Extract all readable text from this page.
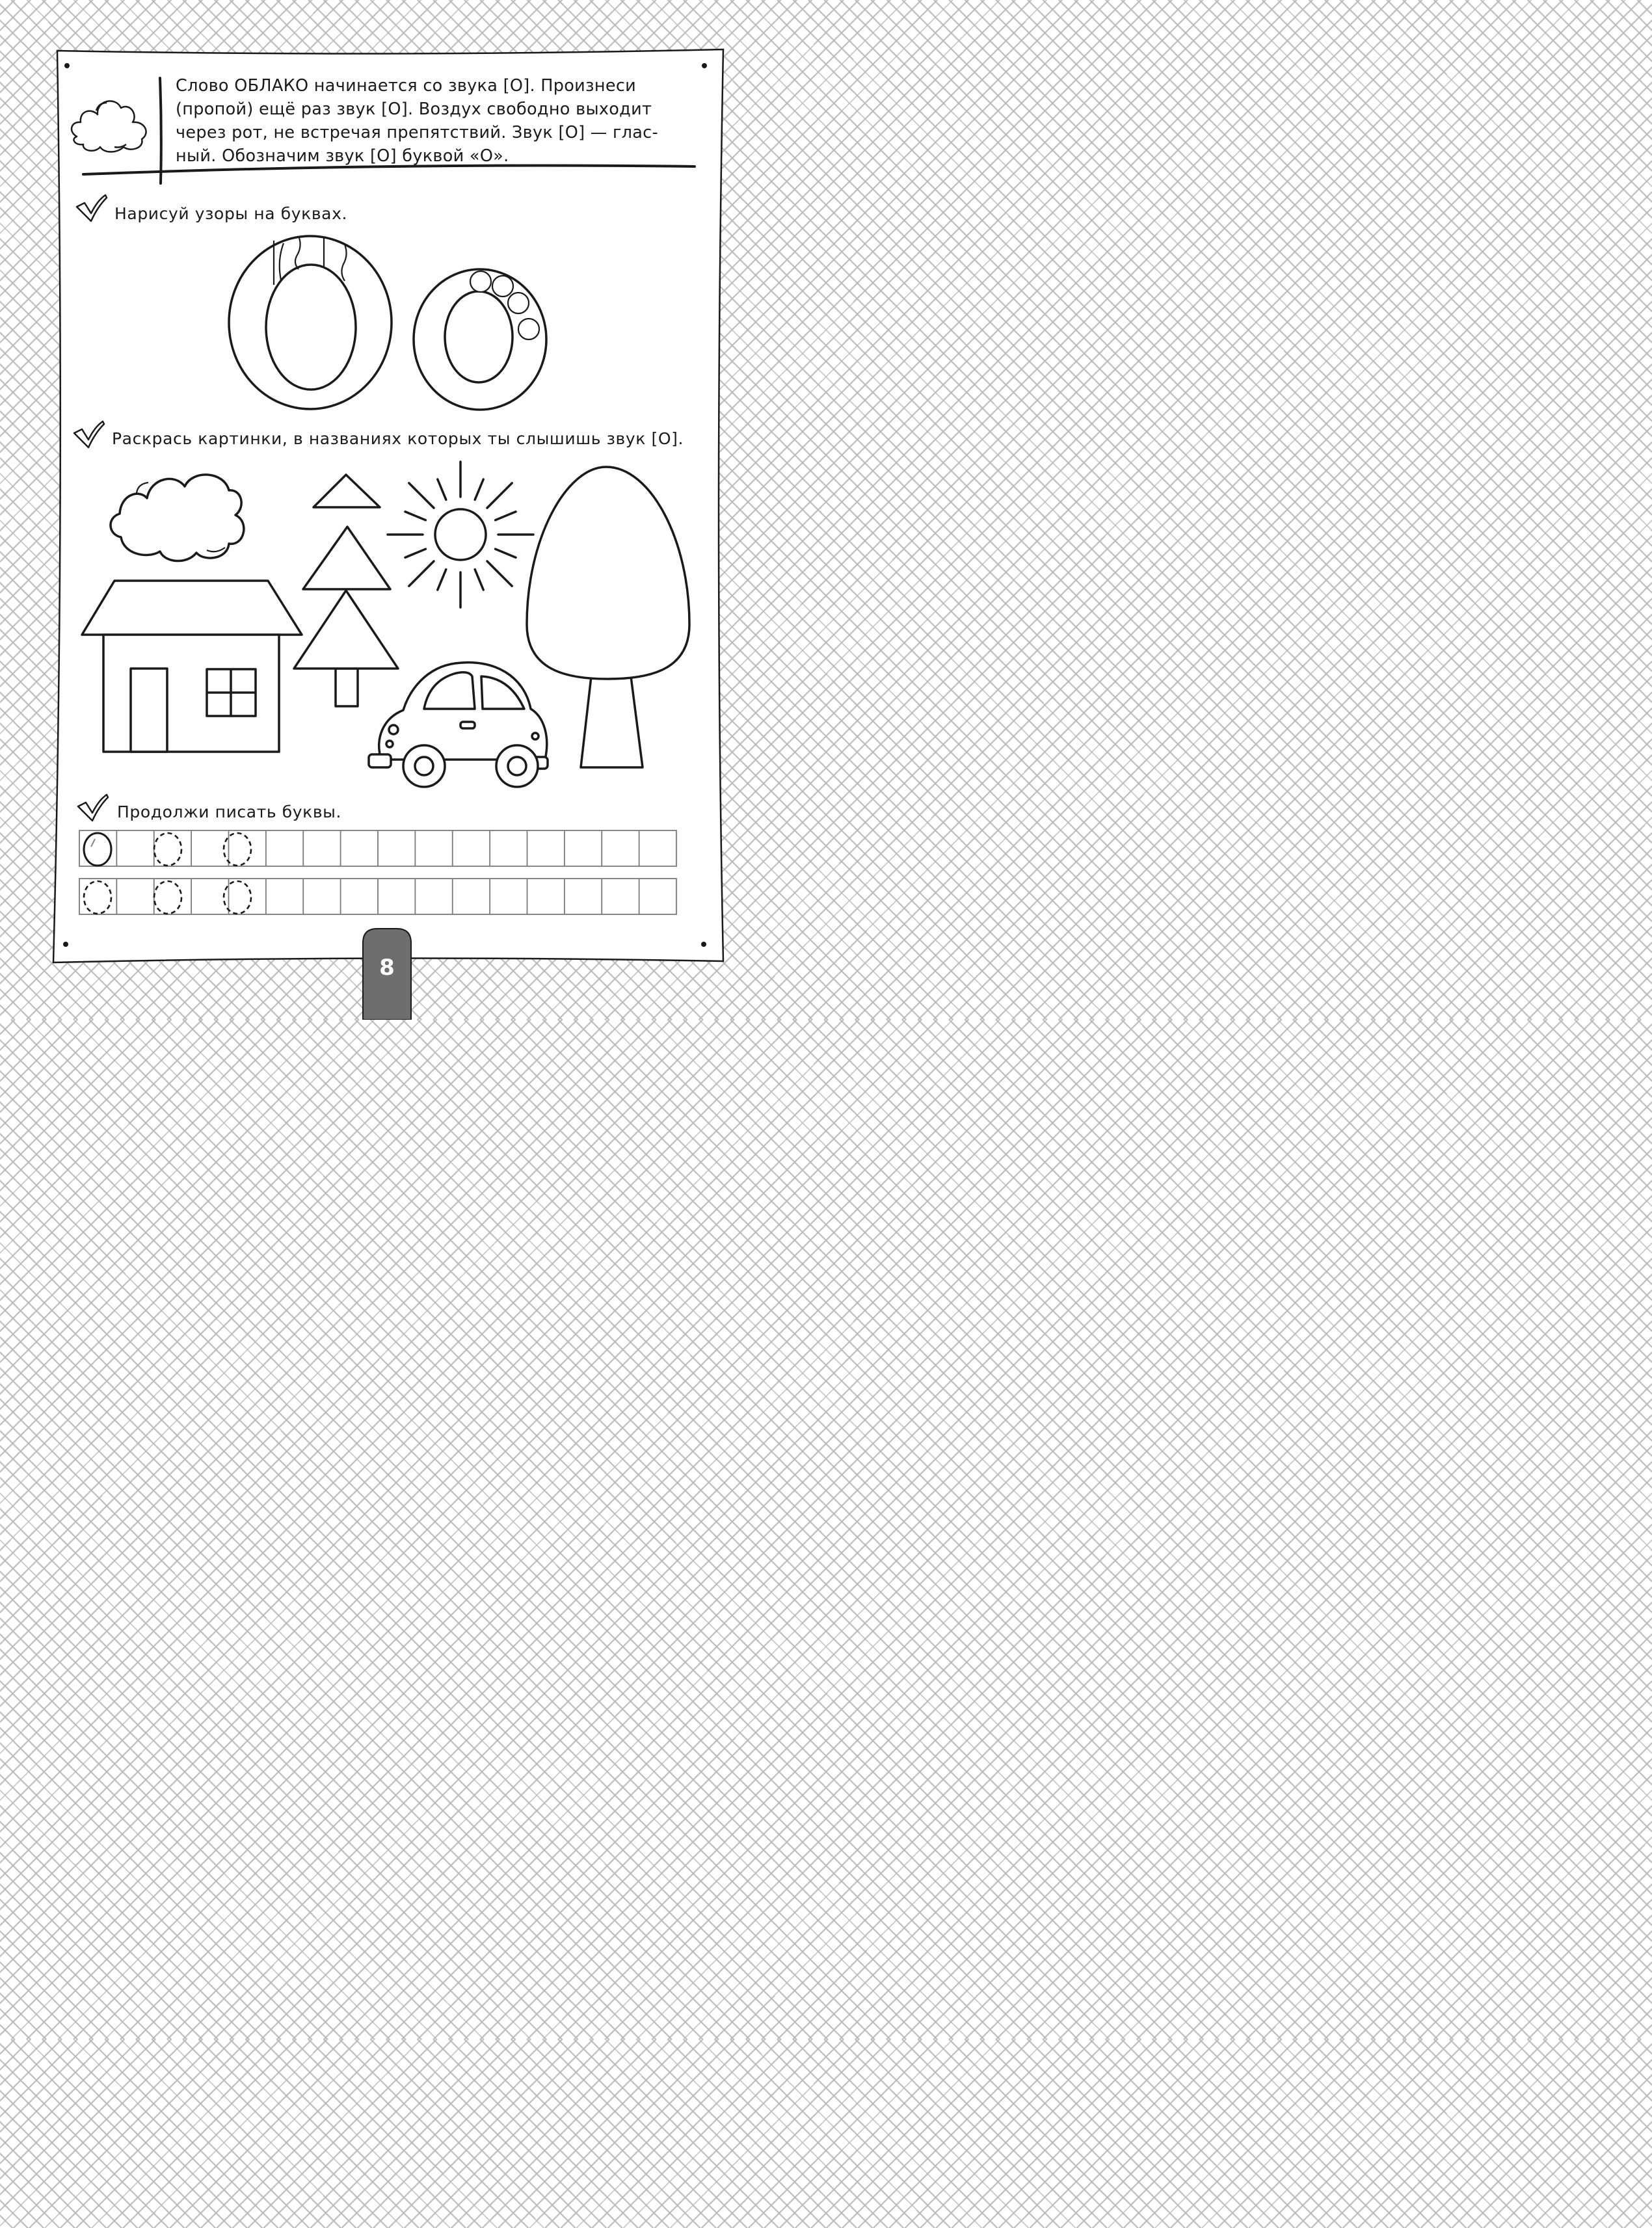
Слово ОБЛАКО начинается со звука [О]. Произнеси
(пропой) ещё раз звук [О]. Воздух свободно выходит
через рот, не встречая препятствий. Звук [О] — глас-
ный. Обозначим звук [О] буквой «О».
Нарисуй узоры на буквах.
Раскрась картинки, в названиях которых ты слышишь звук [О].
Продолжи писать буквы.
8
